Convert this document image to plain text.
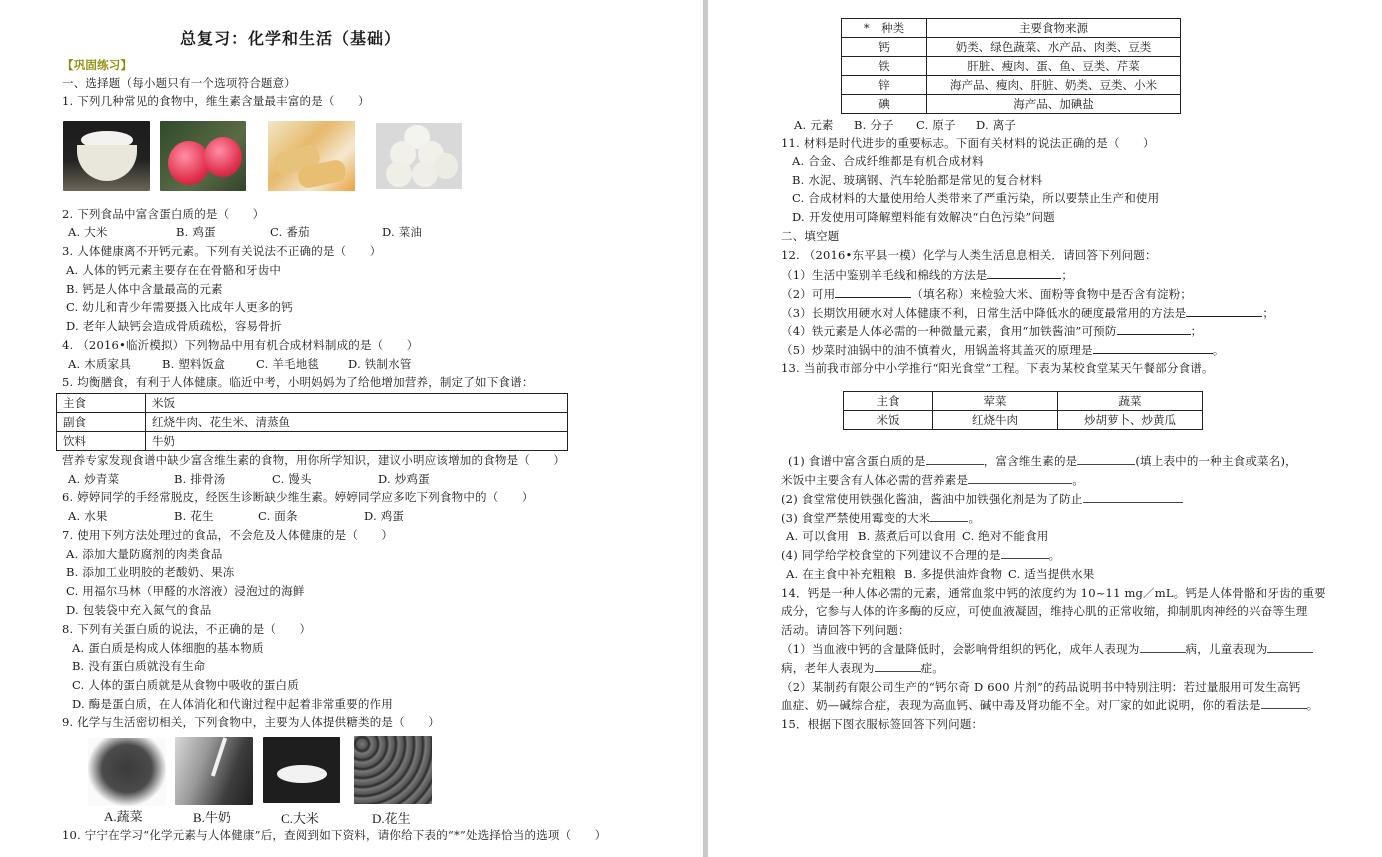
总复习：化学和生活（基础）
【巩固练习】
一、选择题（每小题只有一个选项符合题意）
1. 下列几种常见的食物中，维生素含量最丰富的是（　　）
2. 下列食品中富含蛋白质的是（　　）
A. 大米	B. 鸡蛋	C. 番茄	D. 菜油
3. 人体健康离不开钙元素。下列有关说法不正确的是（　　）
A. 人体的钙元素主要存在在骨骼和牙齿中
B. 钙是人体中含量最高的元素
C. 幼儿和青少年需要摄入比成年人更多的钙
D. 老年人缺钙会造成骨质疏松，容易骨折
4. （2016•临沂模拟）下列物品中用有机合成材料制成的是（　　）
A. 木质家具	B. 塑料饭盒	C. 羊毛地毯	D. 铁制水管
5. 均衡膳食，有利于人体健康。临近中考，小明妈妈为了给他增加营养，制定了如下食谱：
主食	米饭
副食	红烧牛肉、花生米、清蒸鱼
饮料	牛奶
营养专家发现食谱中缺少富含维生素的食物，用你所学知识，建议小明应该增加的食物是（　　）
A. 炒青菜	B. 排骨汤	C. 馒头	D. 炒鸡蛋
6. 婷婷同学的手经常脱皮，经医生诊断缺少维生素。婷婷同学应多吃下列食物中的（　　）
A. 水果	B. 花生	C. 面条	D. 鸡蛋
7. 使用下列方法处理过的食品，不会危及人体健康的是（　　）
A. 添加大量防腐剂的肉类食品
B. 添加工业明胶的老酸奶、果冻
C. 用福尔马林（甲醛的水溶液）浸泡过的海鲜
D. 包装袋中充入氮气的食品
8. 下列有关蛋白质的说法，不正确的是（　　）
A. 蛋白质是构成人体细胞的基本物质
B. 没有蛋白质就没有生命
C. 人体的蛋白质就是从食物中吸收的蛋白质
D. 酶是蛋白质，在人体消化和代谢过程中起着非常重要的作用
9. 化学与生活密切相关，下列食物中，主要为人体提供糖类的是（　　）
A.蔬菜	B.牛奶	C.大米	D.花生
10. 宁宁在学习“化学元素与人体健康”后，查阅到如下资料，请你给下表的“*”处选择恰当的选项（　　）
*　种类	主要食物来源
钙	奶类、绿色蔬菜、水产品、肉类、豆类
铁	肝脏、瘦肉、蛋、鱼、豆类、芹菜
锌	海产品、瘦肉、肝脏、奶类、豆类、小米
碘	海产品、加碘盐
A. 元素 B. 分子 C. 原子 D. 离子
11. 材料是时代进步的重要标志。下面有关材料的说法正确的是（　　）
A. 合金、合成纤维都是有机合成材料
B. 水泥、玻璃钢、汽车轮胎都是常见的复合材料
C. 合成材料的大量使用给人类带来了严重污染，所以要禁止生产和使用
D. 开发使用可降解塑料能有效解决“白色污染”问题
二、填空题
12. （2016•东平县一模）化学与人类生活息息相关．请回答下列问题：
（1）生活中鉴别羊毛线和棉线的方法是	；
（2）可用	（填名称）来检验大米、面粉等食物中是否含有淀粉；
（3）长期饮用硬水对人体健康不利，日常生活中降低水的硬度最常用的方法是	；
（4）铁元素是人体必需的一种微量元素，食用“加铁酱油”可预防	；
（5）炒菜时油锅中的油不慎着火，用锅盖将其盖灭的原理是	。
13. 当前我市部分中小学推行“阳光食堂”工程。下表为某校食堂某天午餐部分食谱。
主食	荤菜	蔬菜
米饭	红烧牛肉	炒胡萝卜、炒黄瓜
(1) 食谱中富含蛋白质的是	，富含维生素的是	(填上表中的一种主食或菜名)，
米饭中主要含有人体必需的营养素是	。
(2) 食堂常使用铁强化酱油，酱油中加铁强化剂是为了防止
(3) 食堂严禁使用霉变的大米	。
A. 可以食用 B. 蒸煮后可以食用 C. 绝对不能食用
(4) 同学给学校食堂的下列建议不合理的是	。
A. 在主食中补充粗粮 B. 多提供油炸食物 C. 适当提供水果
14．钙是一种人体必需的元素，通常血浆中钙的浓度约为 10~11 mg／mL。钙是人体骨骼和牙齿的重要
成分，它参与人体的许多酶的反应，可使血液凝固，维持心肌的正常收缩，抑制肌肉神经的兴奋等生理
活动。请回答下列问题：
（1）当血液中钙的含量降低时，会影响骨组织的钙化，成年人表现为	病，儿童表现为
病，老年人表现为	症。
（2）某制药有限公司生产的“钙尔奇 D 600 片剂”的药品说明书中特别注明：若过量服用可发生高钙
血症、奶—碱综合症，表现为高血钙、碱中毒及肾功能不全。对厂家的如此说明，你的看法是	。
15．根据下图衣服标签回答下列问题：
